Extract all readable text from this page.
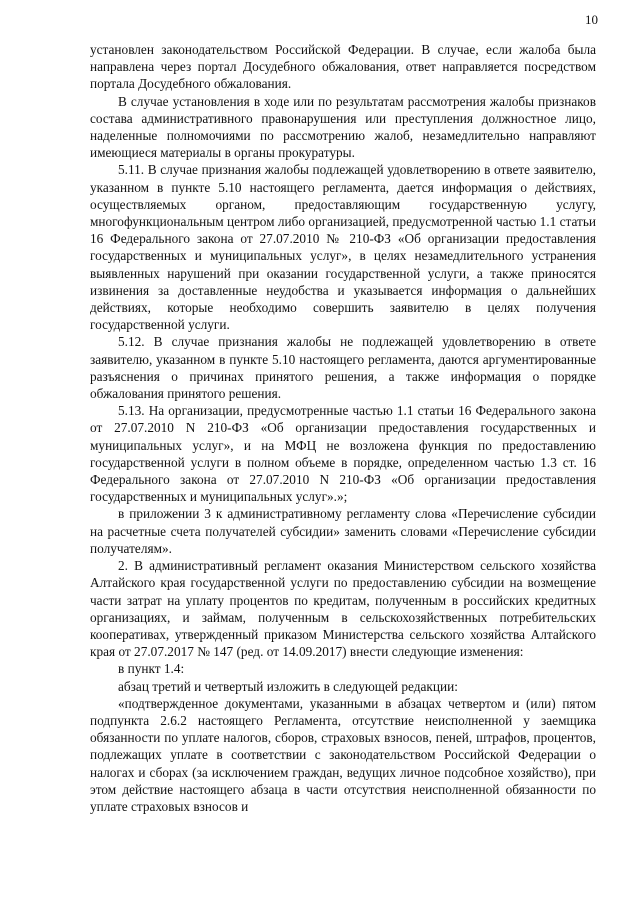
10

установлен законодательством Российской Федерации. В случае, если жалоба была направлена через портал Досудебного обжалования, ответ направляется посредством портала Досудебного обжалования.

В случае установления в ходе или по результатам рассмотрения жалобы признаков состава административного правонарушения или преступления должностное лицо, наделенные полномочиями по рассмотрению жалоб, незамедлительно направляют имеющиеся материалы в органы прокуратуры.

5.11. В случае признания жалобы подлежащей удовлетворению в ответе заявителю, указанном в пункте 5.10 настоящего регламента, дается информация о действиях, осуществляемых органом, предоставляющим государственную услугу, многофункциональным центром либо организацией, предусмотренной частью 1.1 статьи 16 Федерального закона от 27.07.2010 № 210-ФЗ «Об организации предоставления государственных и муниципальных услуг», в целях незамедлительного устранения выявленных нарушений при оказании государственной услуги, а также приносятся извинения за доставленные неудобства и указывается информация о дальнейших действиях, которые необходимо совершить заявителю в целях получения государственной услуги.

5.12. В случае признания жалобы не подлежащей удовлетворению в ответе заявителю, указанном в пункте 5.10 настоящего регламента, даются аргументированные разъяснения о причинах принятого решения, а также информация о порядке обжалования принятого решения.

5.13. На организации, предусмотренные частью 1.1 статьи 16 Федерального закона от 27.07.2010 N 210-ФЗ «Об организации предоставления государственных и муниципальных услуг», и на МФЦ не возложена функция по предоставлению государственной услуги в полном объеме в порядке, определенном частью 1.3 ст. 16 Федерального закона от 27.07.2010 N 210-ФЗ «Об организации предоставления государственных и муниципальных услуг».»;

в приложении 3 к административному регламенту слова «Перечисление субсидии на расчетные счета получателей субсидии» заменить словами «Перечисление субсидии получателям».

2. В административный регламент оказания Министерством сельского хозяйства Алтайского края государственной услуги по предоставлению субсидии на возмещение части затрат на уплату процентов по кредитам, полученным в российских кредитных организациях, и займам, полученным в сельскохозяйственных потребительских кооперативах, утвержденный приказом Министерства сельского хозяйства Алтайского края от 27.07.2017 № 147 (ред. от 14.09.2017) внести следующие изменения:

в пункт 1.4:

абзац третий и четвертый изложить в следующей редакции:

«подтвержденное документами, указанными в абзацах четвертом и (или) пятом подпункта 2.6.2 настоящего Регламента, отсутствие неисполненной у заемщика обязанности по уплате налогов, сборов, страховых взносов, пеней, штрафов, процентов, подлежащих уплате в соответствии с законодательством Российской Федерации о налогах и сборах (за исключением граждан, ведущих личное подсобное хозяйство), при этом действие настоящего абзаца в части отсутствия неисполненной обязанности по уплате страховых взносов и
